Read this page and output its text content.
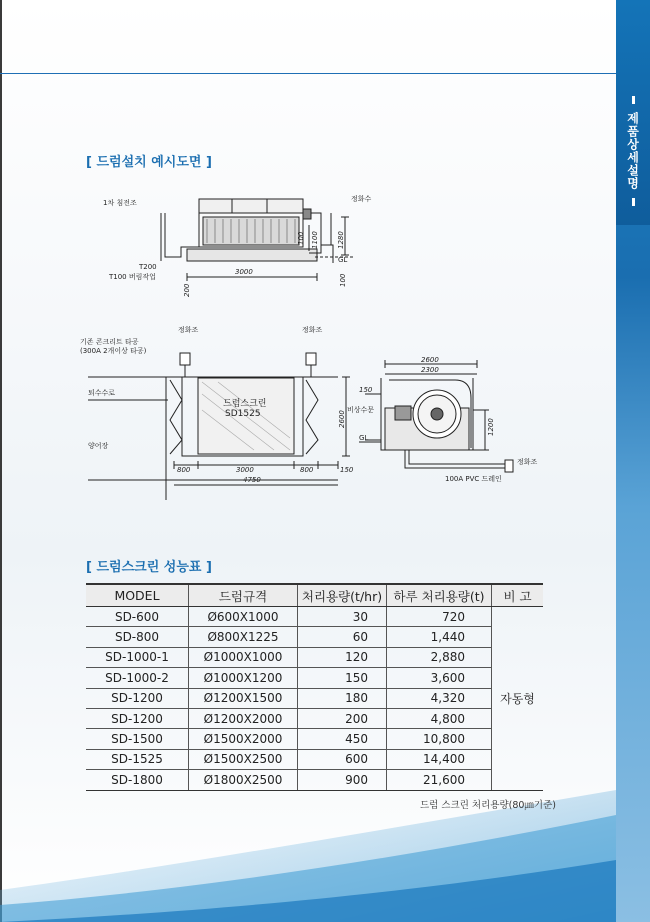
제품상세설명
[ 드럼설치 예시도면 ]
1차 침전조	정화수
T200
T100 버림작업
3000
GL
100 1100	1280
200
100
기존 콘크리트 타공
(300A 2개이상 타공)
정화조	정화조
퇴수수로
양어장
드럼스크린
SD1525
800	3000	800	150
4750
2600
2600
2300
150
비상수문
GL
1200
정화조
100A PVC 드레인
[ 드럼스크린 성능표 ]
MODEL	드럼규격	처리용량(t/hr)	하루 처리용량(t)	비 고
SD-600	Ø600X1000	30	720	자동형
SD-800	Ø800X1225	60	1,440	
SD-1000-1	Ø1000X1000	120	2,880	
SD-1000-2	Ø1000X1200	150	3,600	
SD-1200	Ø1200X1500	180	4,320	
SD-1200	Ø1200X2000	200	4,800	
SD-1500	Ø1500X2000	450	10,800	
SD-1525	Ø1500X2500	600	14,400	
SD-1800	Ø1800X2500	900	21,600	
드럼 스크린 처리용량(80㎛기준)
